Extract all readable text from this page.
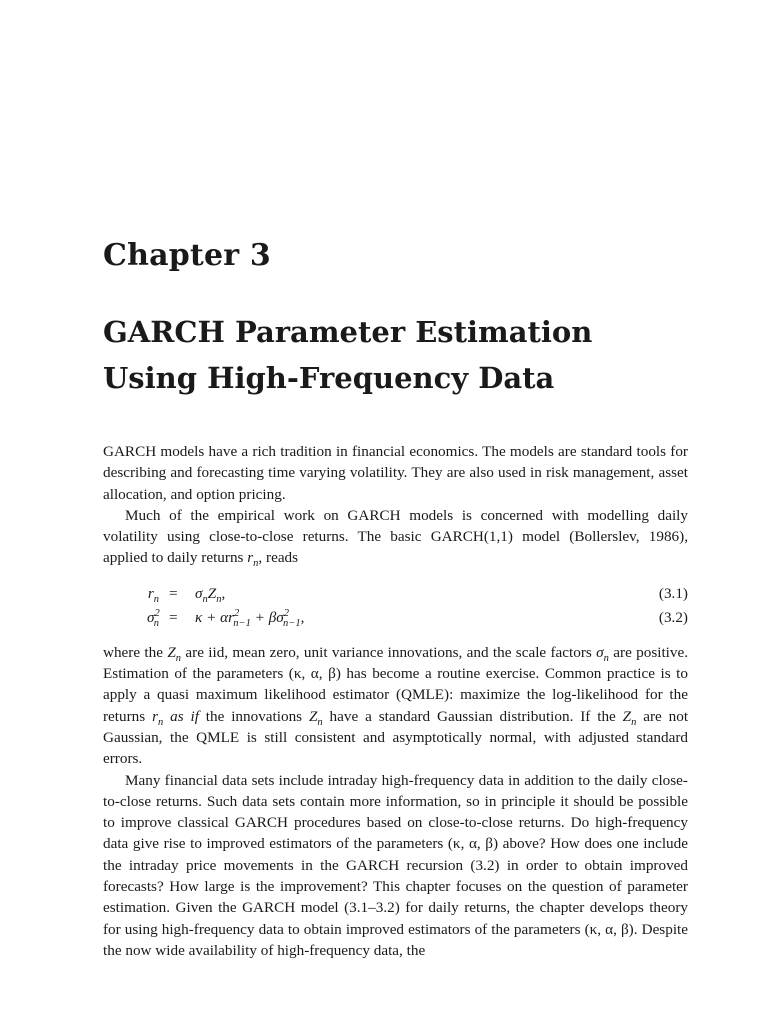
Chapter 3
GARCH Parameter Estimation
Using High-Frequency Data

GARCH models have a rich tradition in financial economics. The models are standard tools for describing and forecasting time varying volatility. They are also used in risk management, asset allocation, and option pricing.

Much of the empirical work on GARCH models is concerned with modelling daily volatility using close-to-close returns. The basic GARCH(1,1) model (Bollerslev, 1986), applied to daily returns $r_n$, reads

$r_n = \sigma_nZ_n$,	(3.1)
$\sigma^2_n = \kappa + \alpha r^2_{n-1} + \beta\sigma^2_{n-1}$,	(3.2)

where the $Z_n$ are iid, mean zero, unit variance innovations, and the scale factors $\sigma_n$ are positive. Estimation of the parameters (κ, α, β) has become a routine exercise. Common practice is to apply a quasi maximum likelihood estimator (QMLE): maximize the log-likelihood for the returns $r_n$ as if the innovations $Z_n$ have a standard Gaussian distribution. If the $Z_n$ are not Gaussian, the QMLE is still consistent and asymptotically normal, with adjusted standard errors.

Many financial data sets include intraday high-frequency data in addition to the daily close-to-close returns. Such data sets contain more information, so in principle it should be possible to improve classical GARCH procedures based on close-to-close returns. Do high-frequency data give rise to improved estimators of the parameters (κ, α, β) above? How does one include the intraday price movements in the GARCH recursion (3.2) in order to obtain improved forecasts? How large is the improvement? This chapter focuses on the question of parameter estimation. Given the GARCH model (3.1–3.2) for daily returns, the chapter develops theory for using high-frequency data to obtain improved estimators of the parameters (κ, α, β). Despite the now wide availability of high-frequency data, the
